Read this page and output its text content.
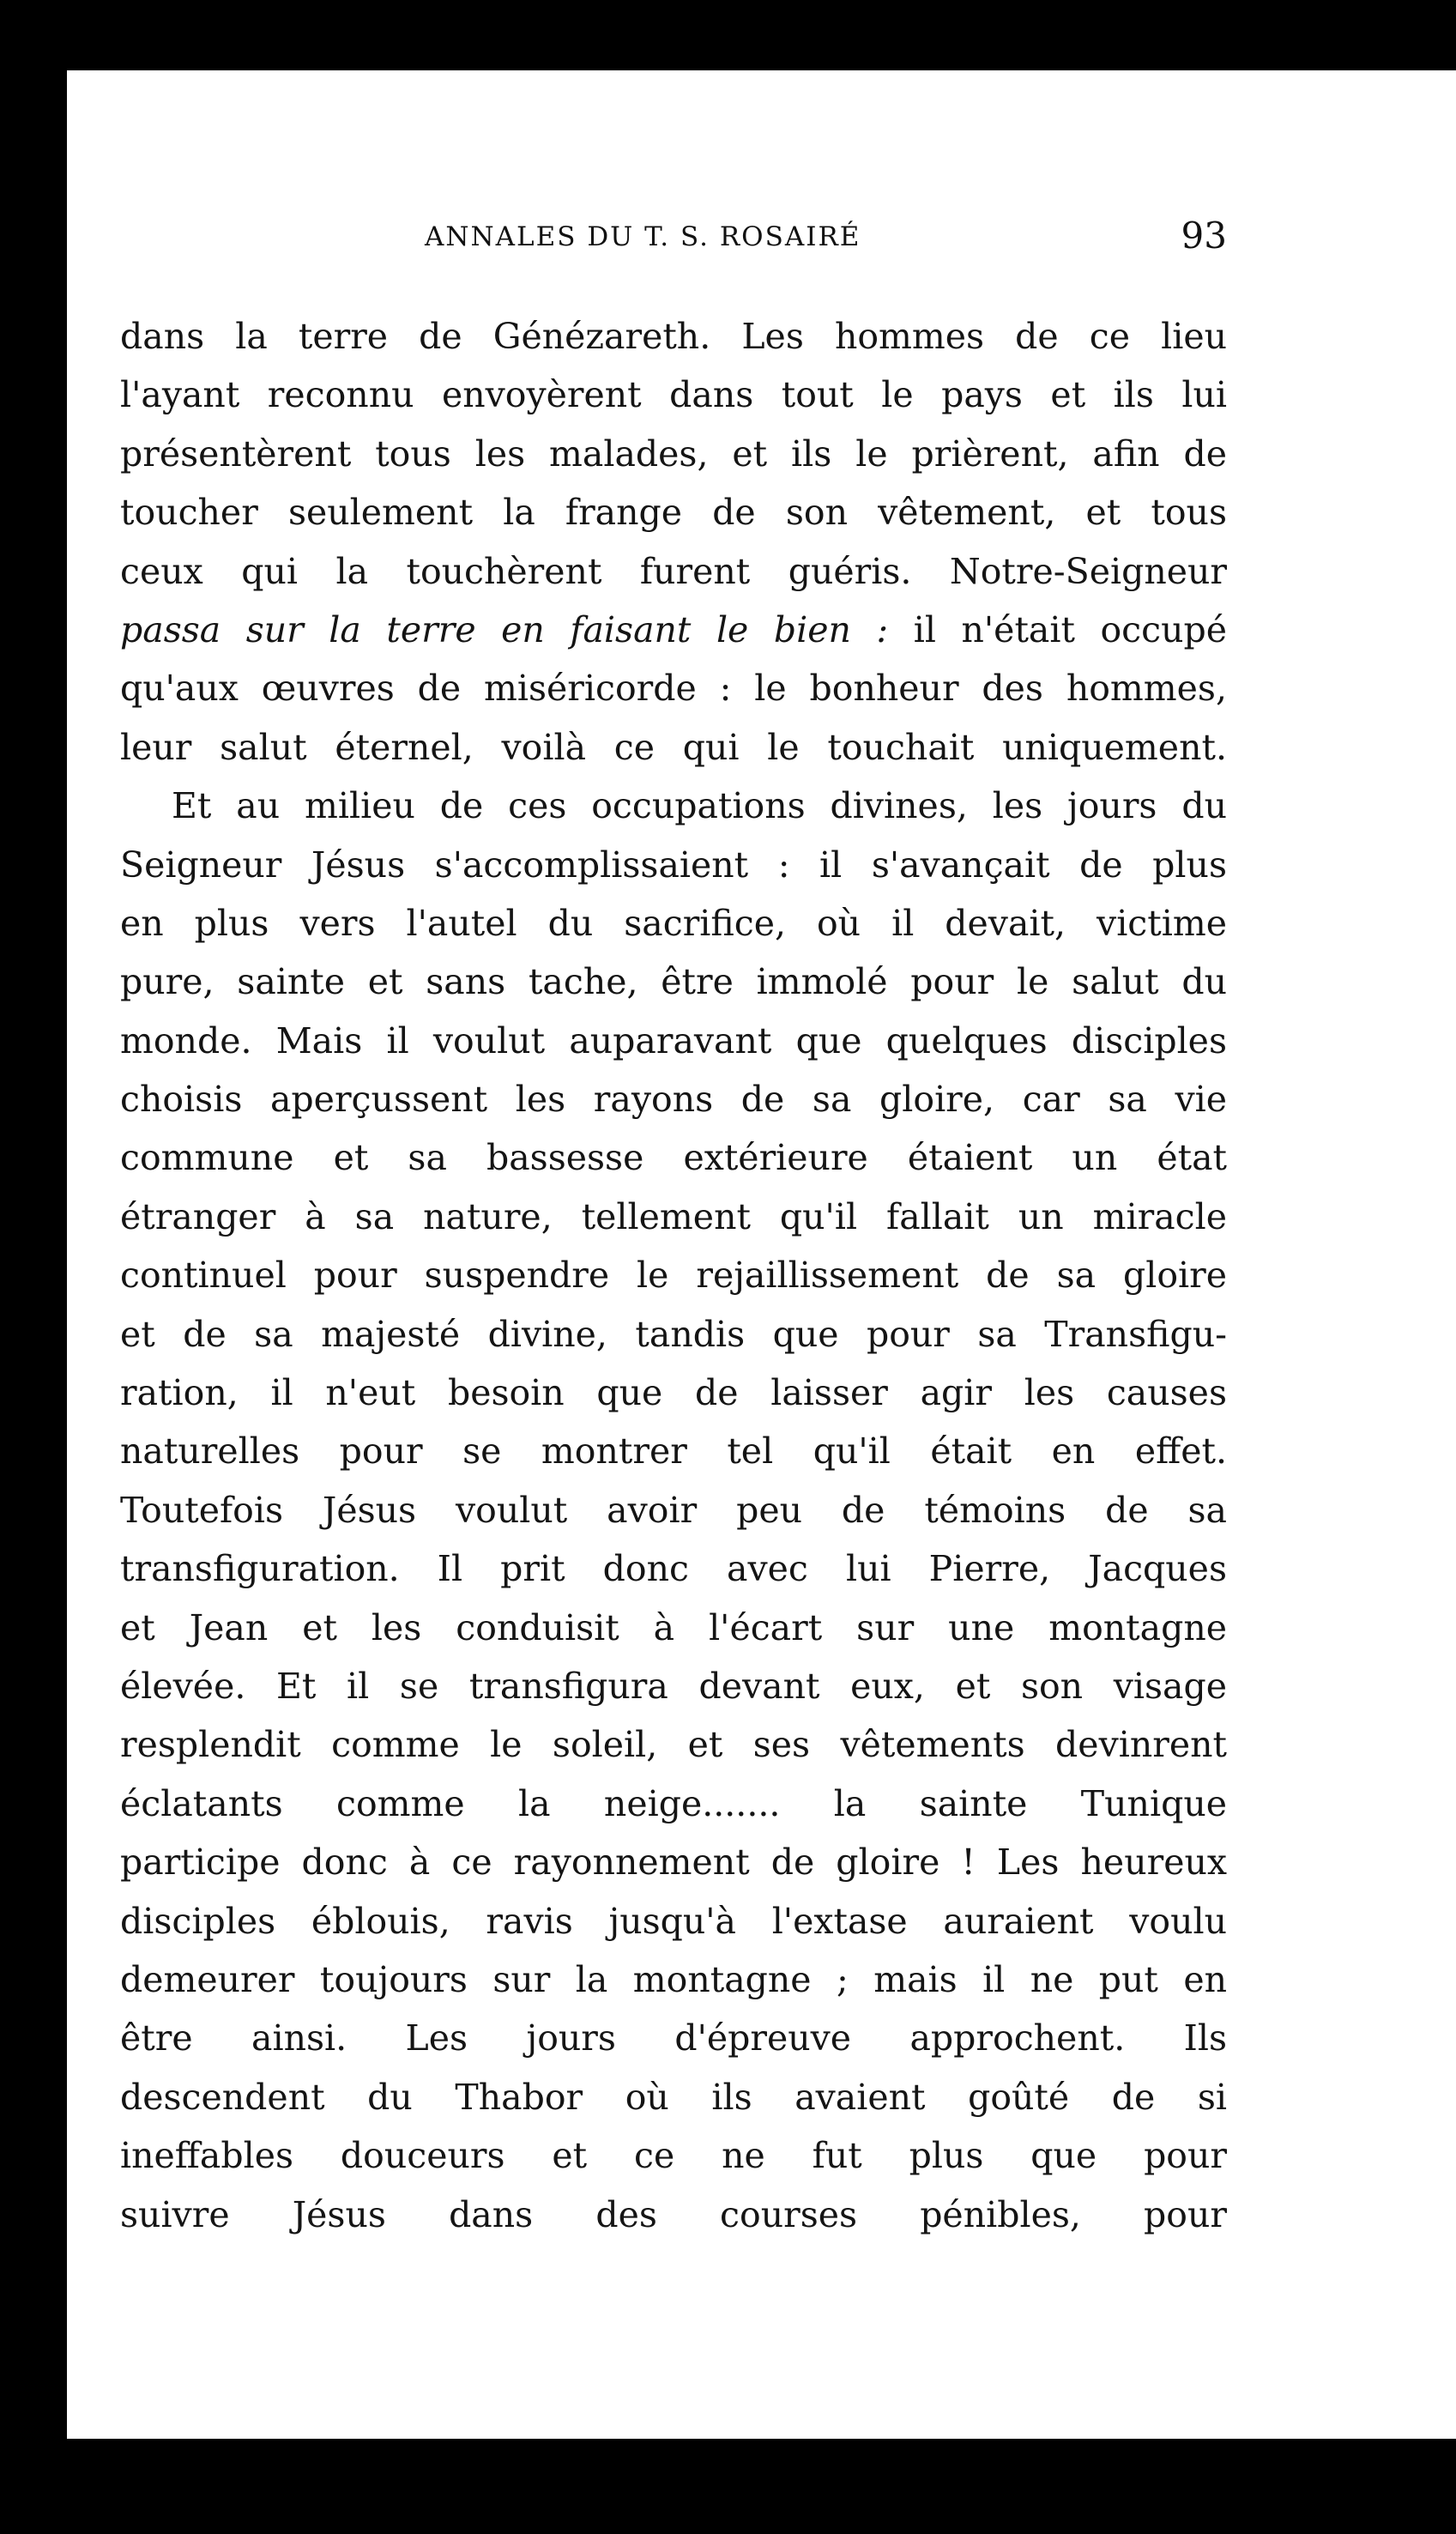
ANNALES DU T. S. ROSAIRÉ	93
dans la terre de Génézareth. Les hommes de ce lieu
l'ayant reconnu envoyèrent dans tout le pays et ils lui
présentèrent tous les malades, et ils le prièrent, afin de
toucher seulement la frange de son vêtement, et tous
ceux qui la touchèrent furent guéris. Notre-Seigneur
passa sur la terre en faisant le bien : il n'était occupé
qu'aux œuvres de miséricorde : le bonheur des hommes,
leur salut éternel, voilà ce qui le touchait uniquement.
Et au milieu de ces occupations divines, les jours du
Seigneur Jésus s'accomplissaient : il s'avançait de plus
en plus vers l'autel du sacrifice, où il devait, victime
pure, sainte et sans tache, être immolé pour le salut du
monde. Mais il voulut auparavant que quelques disciples
choisis aperçussent les rayons de sa gloire, car sa vie
commune et sa bassesse extérieure étaient un état
étranger à sa nature, tellement qu'il fallait un miracle
continuel pour suspendre le rejaillissement de sa gloire
et de sa majesté divine, tandis que pour sa Transfigu-
ration, il n'eut besoin que de laisser agir les causes
naturelles pour se montrer tel qu'il était en effet.
Toutefois Jésus voulut avoir peu de témoins de sa
transfiguration. Il prit donc avec lui Pierre, Jacques
et Jean et les conduisit à l'écart sur une montagne
élevée. Et il se transfigura devant eux, et son visage
resplendit comme le soleil, et ses vêtements devinrent
éclatants comme la neige....... la sainte Tunique
participe donc à ce rayonnement de gloire ! Les heureux
disciples éblouis, ravis jusqu'à l'extase auraient voulu
demeurer toujours sur la montagne ; mais il ne put en
être ainsi. Les jours d'épreuve approchent. Ils
descendent du Thabor où ils avaient goûté de si
ineffables douceurs et ce ne fut plus que pour
suivre Jésus dans des courses pénibles, pour
